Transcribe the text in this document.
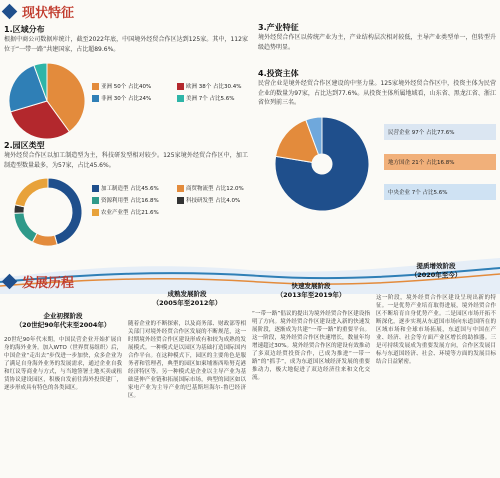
现状特征
1.区域分布
根据中商公司数据库统计，截至2022年底，中国境外经贸合作区达到125家。其中，112家位于“一带一路”共建国家，占比超89.6%。
亚洲 50个 占比40%	欧洲 38个 占比30.4%
非洲 30个 占比24%	美洲 7个 占比5.6%
2.园区类型
境外经贸合作区以加工制造型为主，科技研发型相对较少。125家境外经贸合作区中，加工制造型数量最多，为57家，占比45.6%。
加工制造型 占比45.6%	商贸物流型 占比12.0%
资源利用型 占比16.8%	科技研发型 占比4.0%
农业产业型 占比21.6%
3.产业特征
境外经贸合作区以传统产业为主，产业结构层次相对较低，主导产业类型单一，但转型升级趋势明显。
4.投资主体
民营企业是境外经贸合作区建设的中坚力量。125家境外经贸合作区中，投资主体为民营企业的数量为97家，占比达到77.6%。从投资主体所属地域看，山东省、黑龙江省、浙江省位列前三名。
民营企业 97个 占比77.6%
地方国企 21个 占比16.8%
中央企业 7个 占比5.6%
发展历程
企业初探阶段
（20世纪90年代末至2004年）
20世纪90年代末期，中国民营企业开始扩展自身的海外业务。加入WTO（世界贸易组织）后，中国企业“走出去”步伐进一步加快，众多企业为了满足自身海外业务的发展需求，通过企业自我和红议等商业与方式，与当地签署土地买卖或租赁协议建设园区，积极自发前往海外投资建厂，逐步形成具有特色的各类园区。
成熟发展阶段
（2005年至2012年）
随着企业的不断探索，以及商务部、财政部等相关部门对境外经贸合作区发展的不断规范，这一时期境外经贸合作区建设形成有和较为成熟的发展模式。一种模式是以园区为基础打造国际国内合作平台。在这种模式下，园区的主要角色是服务者和管理者，典型的园区如柬埔寨西哈努克港经济特区等。另一种模式是企业以主导产业为基础延伸产业链和拓展国际市场，典型的园区如以家电产业为主导产业的巴基斯坦海尔-鲁巴经济区。
快速发展阶段
（2013年至2019年）
“一带一路”倡议的提出为境外经贸合作区建设指明了方向。境外经贸合作区建设进入新的快速发展阶段，逐渐成为共建“一带一路”的重要平台。这一阶段，境外经贸合作区快速增长，数量年均增速超过30%。境外经贸合作区的建设有效推动了多双边经贸投资合作，已成为推进“一带一路”的“抓手”，成为东道国区域经济发展的重要推动力，极大地促进了双边经济往来和文化交流。
提质增效阶段
（2020年至今）
这一阶段，境外经贸合作区建设呈现出新的特征。一是优势产业培育取得进展，境外经贸合作区不断培育自身优势产业。二是园区市场开拓不断深化，逐步实现从东道国市场向东道国所在的区域市场和全球市场拓展，东道国与中国在产业、经济、社会等方面产业区增长的助推器。三是可持续发展成为重要发展方向，合作区发展目标与东道国经济、社会、环境等方面的发展目标结合日益紧密。
